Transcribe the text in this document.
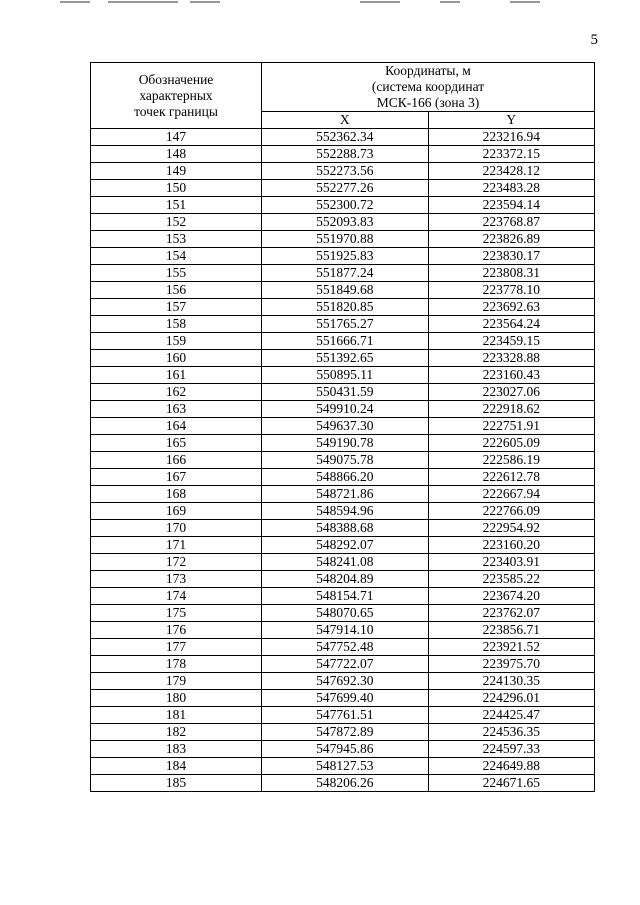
5
Обозначение
характерных
точек границы	Координаты, м
(система координат
МСК-166 (зона 3)	

	X	Y
147	552362.34	223216.94
148	552288.73	223372.15
149	552273.56	223428.12
150	552277.26	223483.28
151	552300.72	223594.14
152	552093.83	223768.87
153	551970.88	223826.89
154	551925.83	223830.17
155	551877.24	223808.31
156	551849.68	223778.10
157	551820.85	223692.63
158	551765.27	223564.24
159	551666.71	223459.15
160	551392.65	223328.88
161	550895.11	223160.43
162	550431.59	223027.06
163	549910.24	222918.62
164	549637.30	222751.91
165	549190.78	222605.09
166	549075.78	222586.19
167	548866.20	222612.78
168	548721.86	222667.94
169	548594.96	222766.09
170	548388.68	222954.92
171	548292.07	223160.20
172	548241.08	223403.91
173	548204.89	223585.22
174	548154.71	223674.20
175	548070.65	223762.07
176	547914.10	223856.71
177	547752.48	223921.52
178	547722.07	223975.70
179	547692.30	224130.35
180	547699.40	224296.01
181	547761.51	224425.47
182	547872.89	224536.35
183	547945.86	224597.33
184	548127.53	224649.88
185	548206.26	224671.65
